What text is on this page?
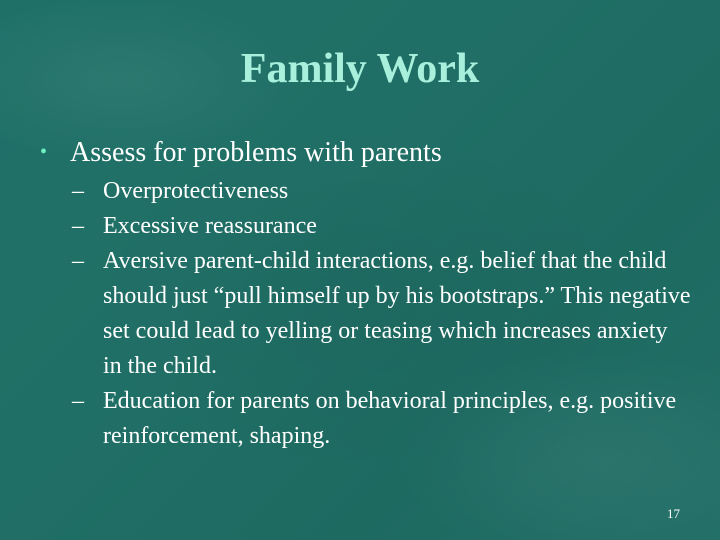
Family Work
• Assess for problems with parents
– Overprotectiveness
– Excessive reassurance
– Aversive parent-child interactions, e.g. belief that the child should just “pull himself up by his bootstraps.” This negative set could lead to yelling or teasing which increases anxiety in the child.
– Education for parents on behavioral principles, e.g. positive reinforcement, shaping.
17
